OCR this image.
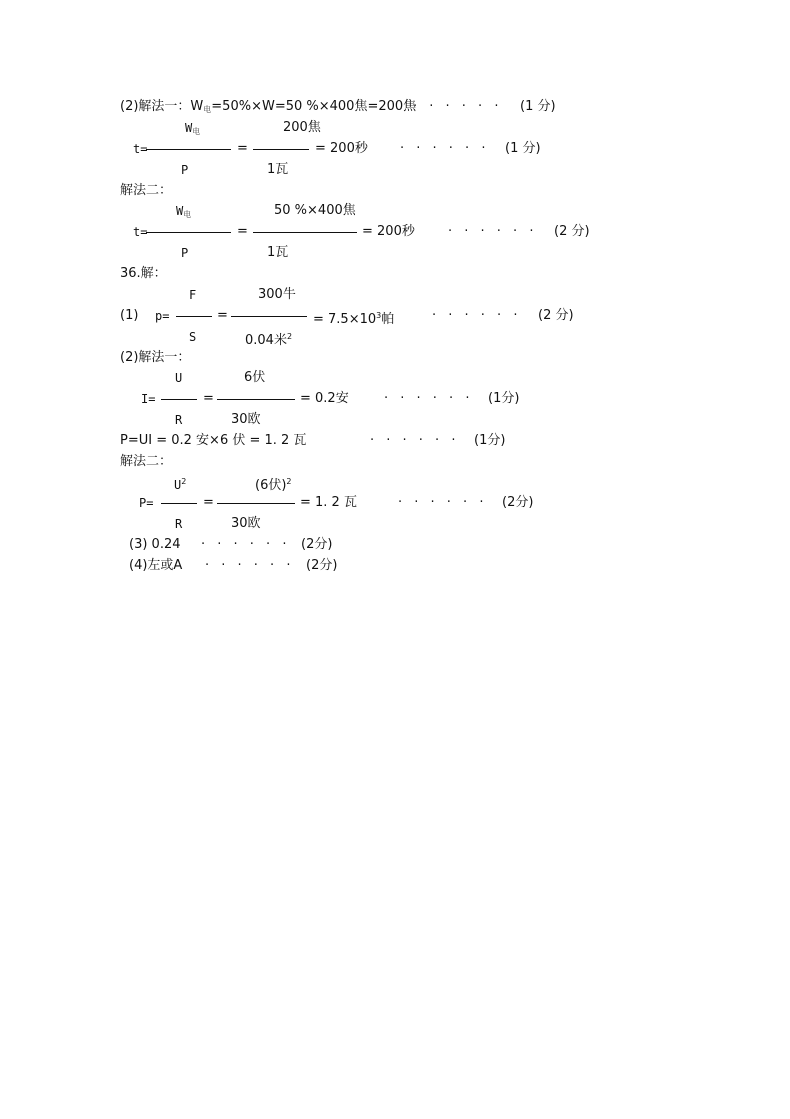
(2)解法一：$W_电=50\%\times W=50$ %×400焦=200焦
· · · · · · (1 分)
$W_电$	200焦
t=	=	= 200秒 · · · · · · (1 分)
P	1瓦
解法二：
$W_电$	50 %×400焦
t=	=	= 200秒	· · · · · · (2 分)
P	1瓦
36.解：
F	300牛
(1) p=	=	= $7.5\times 10^3$帕	· · · · · · (2 分)
S	0.04米$^2$
(2)解法一：
U	6伏
I=	=	= 0.2安	· · · · · · (1分)
R	30欧
P=UI = 0.2 安×6 伏 = 1. 2 瓦	· · · · · · (1分)
解法二：
$U^2$	(6伏)$^2$
P=	=	= 1. 2 瓦	· · · · · · (2分)
R	30欧
(3) 0.24 · · · · · · (2分)
(4)左或A · · · · · · (2分)
